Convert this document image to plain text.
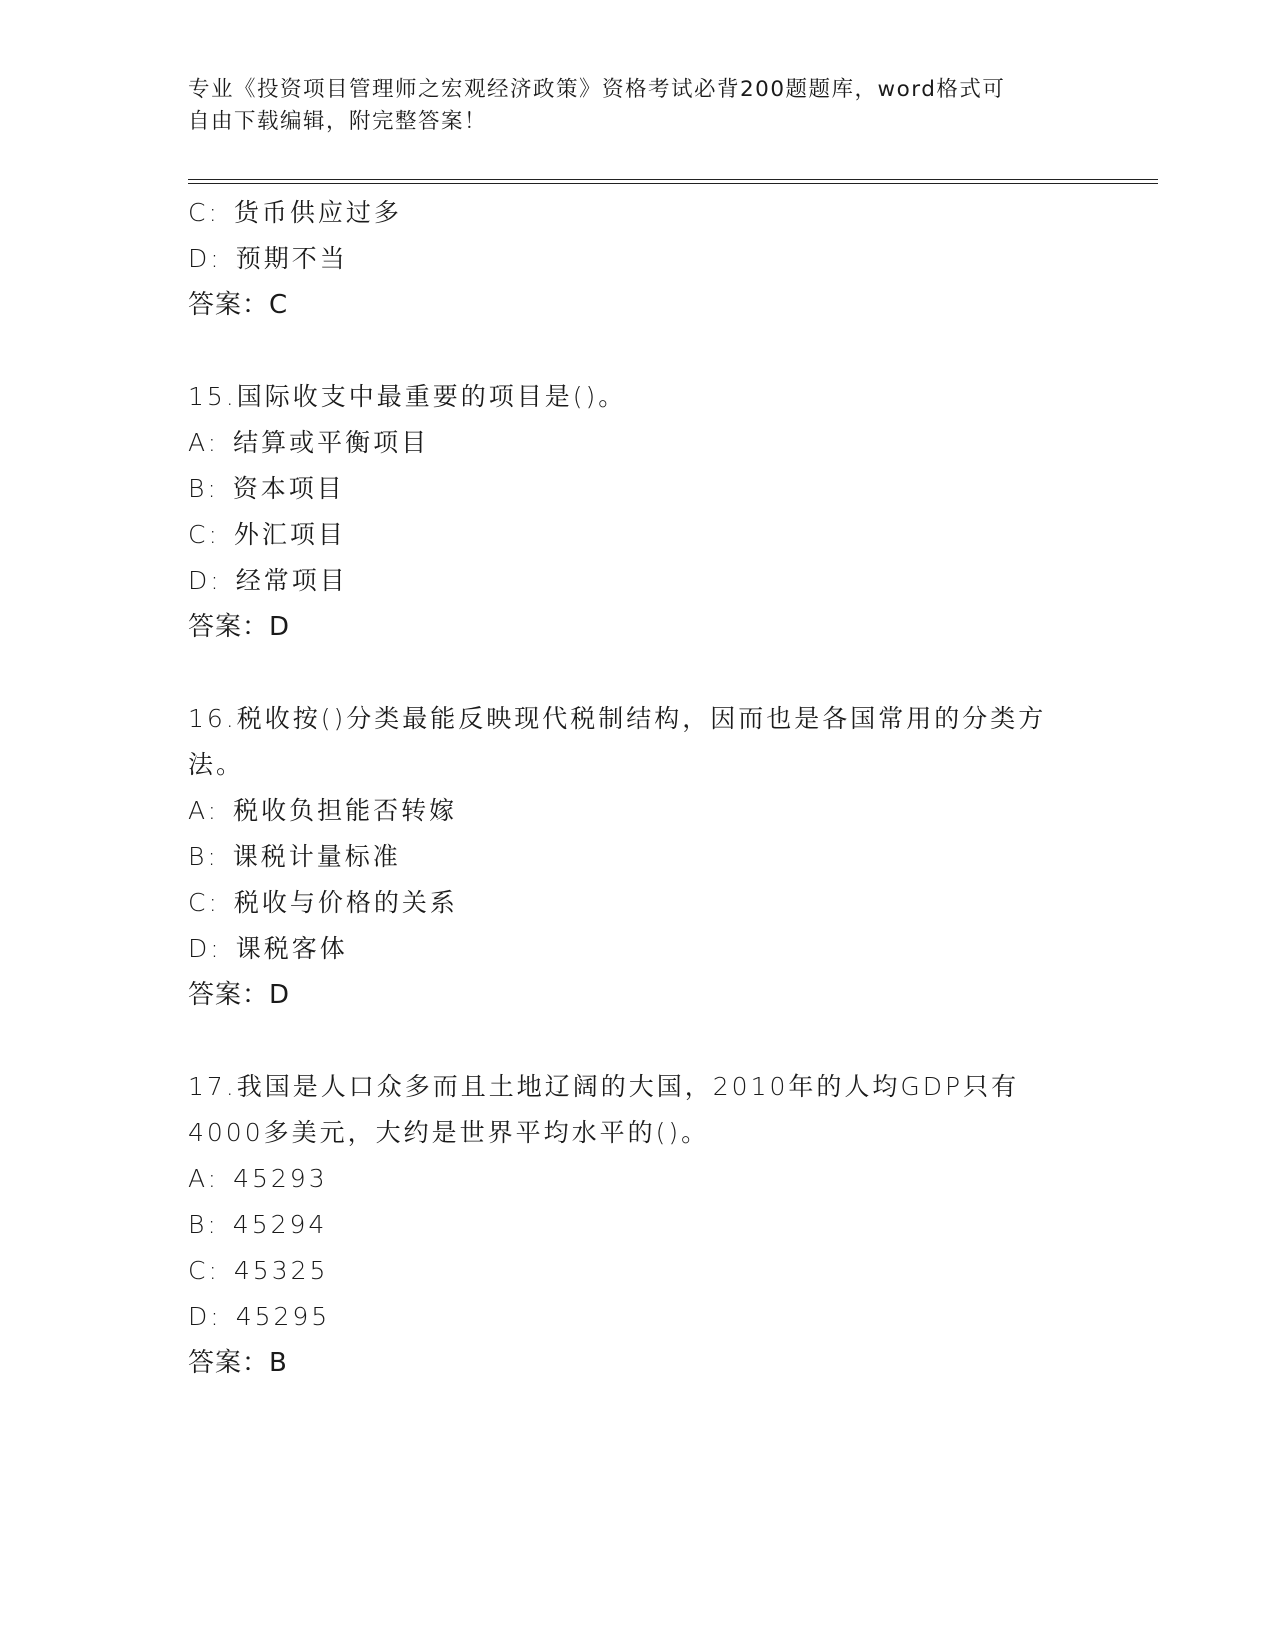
专业《投资项目管理师之宏观经济政策》资格考试必背200题题库，word格式可
自由下载编辑，附完整答案！
C: 货币供应过多
D: 预期不当
答案：C
15.国际收支中最重要的项目是()。
A: 结算或平衡项目
B: 资本项目
C: 外汇项目
D: 经常项目
答案：D
16.税收按()分类最能反映现代税制结构，因而也是各国常用的分类方
法。
A: 税收负担能否转嫁
B: 课税计量标准
C: 税收与价格的关系
D: 课税客体
答案：D
17.我国是人口众多而且土地辽阔的大国，2010年的人均GDP只有
4000多美元，大约是世界平均水平的()。
A: 45293
B: 45294
C: 45325
D: 45295
答案：B
